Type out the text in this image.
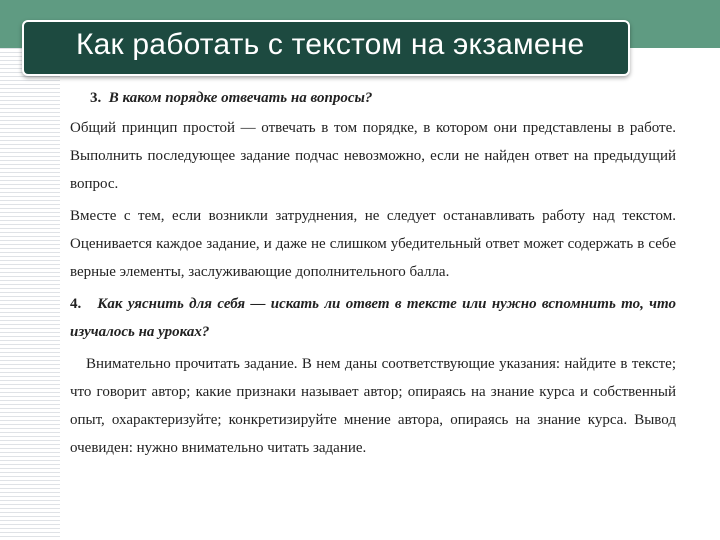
Как работать с текстом на экзамене

3. В каком порядке отвечать на вопросы?

Общий принцип простой — отвечать в том порядке, в котором они представлены в работе. Выполнить последующее задание подчас невозможно, если не найден ответ на предыдущий вопрос.

Вместе с тем, если возникли затруднения, не следует останавливать работу над текстом. Оценивается каждое задание, и даже не слишком убедительный ответ может содержать в себе верные элементы, заслуживающие дополнительного балла.

4. Как уяснить для себя — искать ли ответ в тексте или нужно вспомнить то, что изучалось на уроках?

Внимательно прочитать задание. В нем даны соответствующие указания: найдите в тексте; что говорит автор; какие признаки называет автор; опираясь на знание курса и собственный опыт, охарактеризуйте; конкретизируйте мнение автора, опираясь на знание курса. Вывод очевиден: нужно внимательно читать задание.
